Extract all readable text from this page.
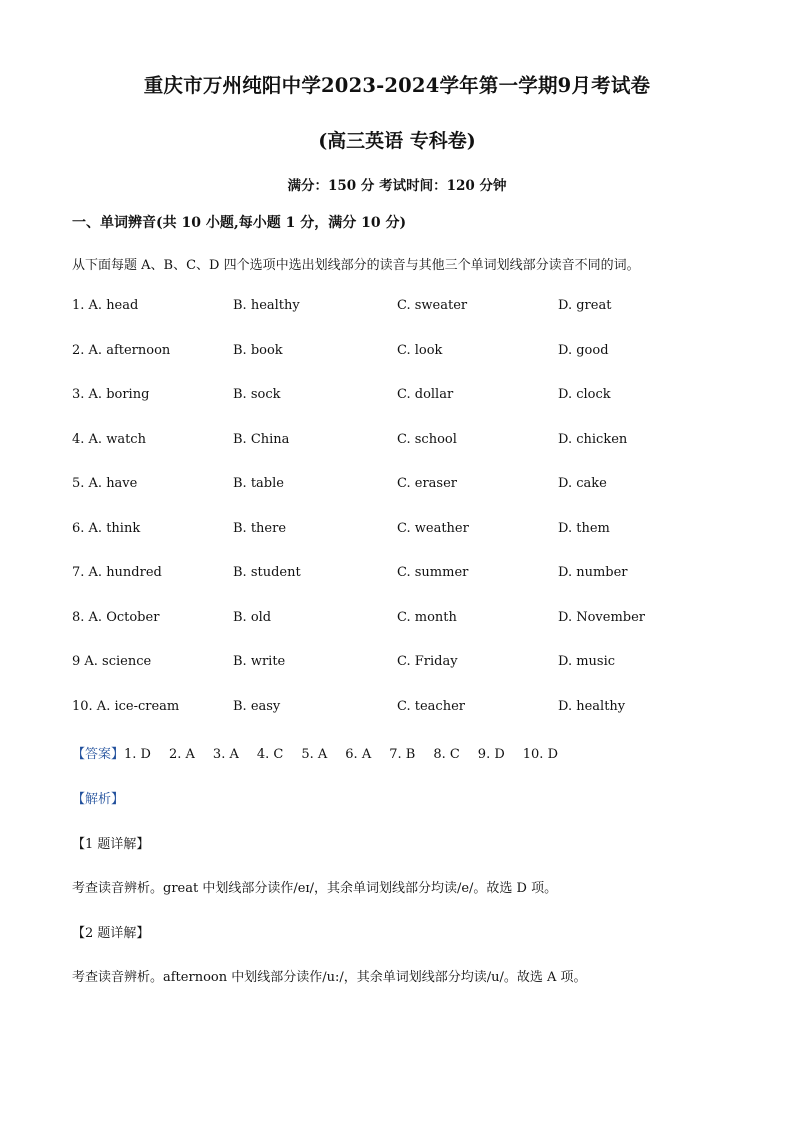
重庆市万州纯阳中学2023-2024学年第一学期9月考试卷
(高三英语 专科卷)
满分：150 分 考试时间：120 分钟
一、单词辨音(共 10 小题,每小题 1 分，满分 10 分)
从下面每题 A、B、C、D 四个选项中选出划线部分的读音与其他三个单词划线部分读音不同的词。
1. A. head	B. healthy	C. sweater	D. great
2. A. afternoon	B. book	C. look	D. good
3. A. boring	B. sock	C. dollar	D. clock
4. A. watch	B. China	C. school	D. chicken
5. A. have	B. table	C. eraser	D. cake
6. A. think	B. there	C. weather	D. them
7. A. hundred	B. student	C. summer	D. number
8. A. October	B. old	C. month	D. November
9 A. science	B. write	C. Friday	D. music
10. A. ice-cream	B. easy	C. teacher	D. healthy
【答案】1. D 2. A 3. A 4. C 5. A 6. A 7. B 8. C 9. D 10. D
【解析】
【1 题详解】
考查读音辨析。great 中划线部分读作/eɪ/，其余单词划线部分均读/e/。故选 D 项。
【2 题详解】
考查读音辨析。afternoon 中划线部分读作/u:/，其余单词划线部分均读/u/。故选 A 项。
